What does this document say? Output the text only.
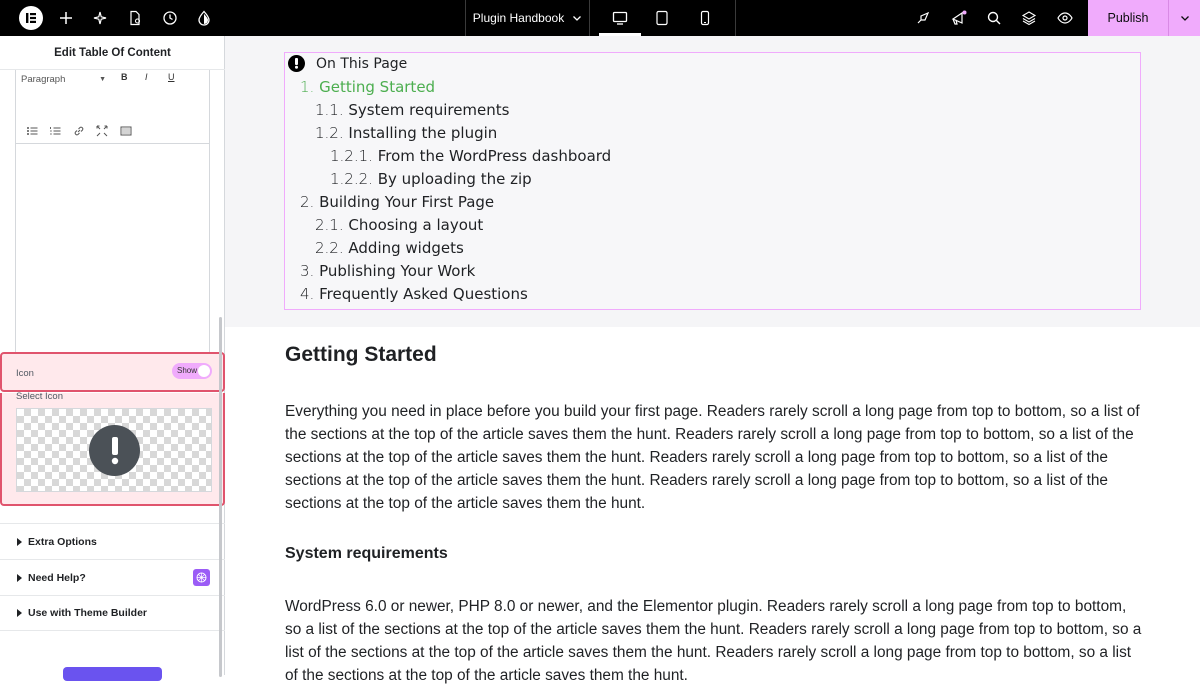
Plugin Handbook	Publish
Edit Table Of Content
Paragraph	▼ B I U
Icon	Show
Select Icon
Extra Options
Need Help?
Use with Theme Builder
On This Page
1. Getting Started
1.1. System requirements
1.2. Installing the plugin
1.2.1. From the WordPress dashboard
1.2.2. By uploading the zip
2. Building Your First Page
2.1. Choosing a layout
2.2. Adding widgets
3. Publishing Your Work
4. Frequently Asked Questions
Getting Started
Everything you need in place before you build your first page. Readers rarely scroll a long page from top to bottom, so a list of the sections at the top of the article saves them the hunt. Readers rarely scroll a long page from top to bottom, so a list of the sections at the top of the article saves them the hunt. Readers rarely scroll a long page from top to bottom, so a list of the sections at the top of the article saves them the hunt. Readers rarely scroll a long page from top to bottom, so a list of the sections at the top of the article saves them the hunt.
System requirements
WordPress 6.0 or newer, PHP 8.0 or newer, and the Elementor plugin. Readers rarely scroll a long page from top to bottom, so a list of the sections at the top of the article saves them the hunt. Readers rarely scroll a long page from top to bottom, so a list of the sections at the top of the article saves them the hunt. Readers rarely scroll a long page from top to bottom, so a list of the sections at the top of the article saves them the hunt.
